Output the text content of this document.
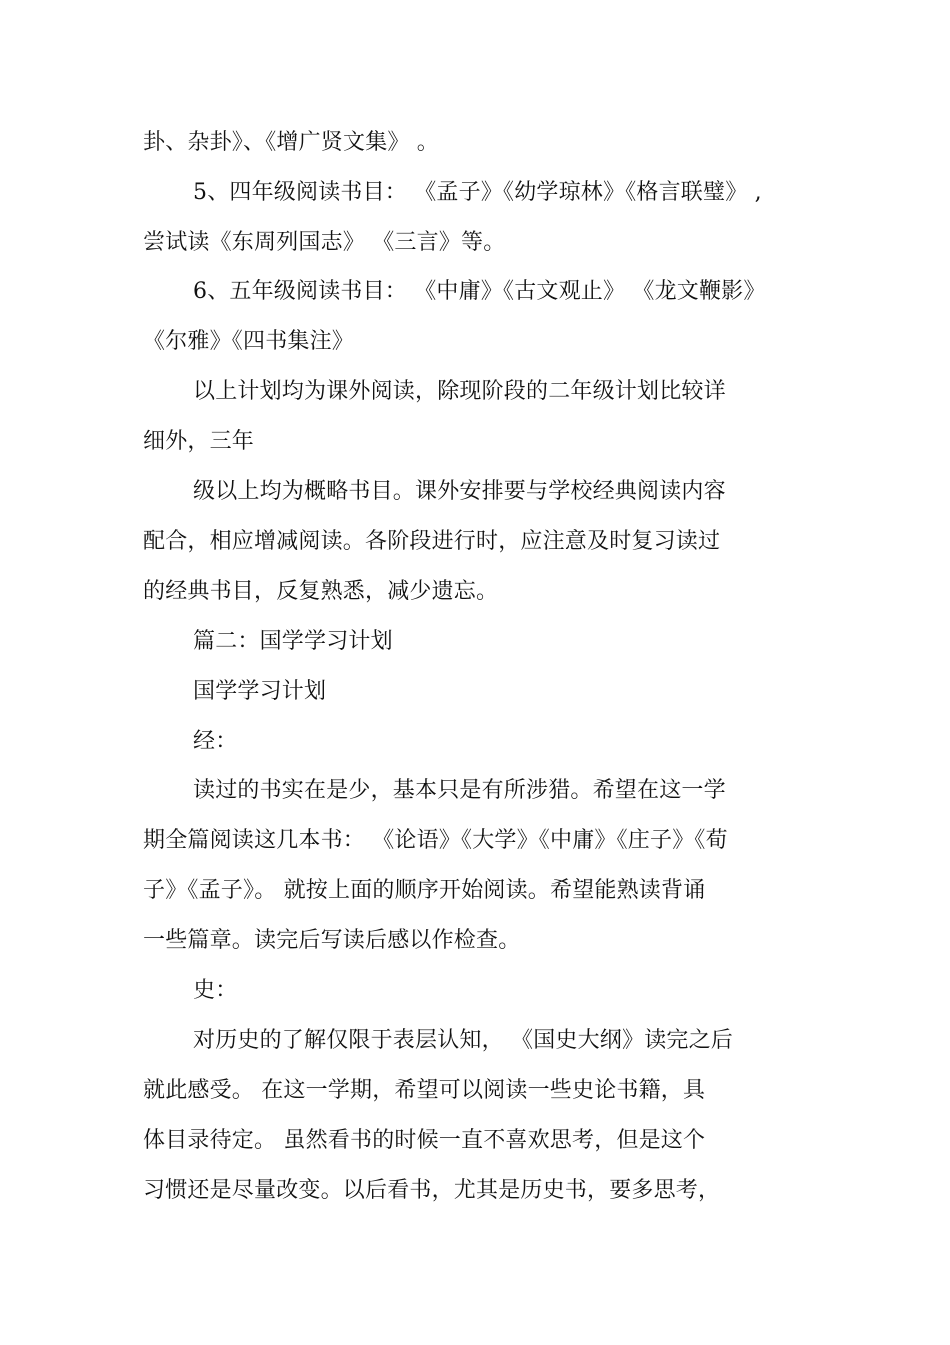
卦、杂卦》、《增广贤文集》 。
5、四年级阅读书目： 《孟子》《幼学琼林》《格言联璧》 ,
尝试读《东周列国志》 《三言》等。
6、五年级阅读书目： 《中庸》《古文观止》 《龙文鞭影》
《尔雅》《四书集注》
以上计划均为课外阅读，除现阶段的二年级计划比较详
细外，三年
级以上均为概略书目。课外安排要与学校经典阅读内容
配合，相应增减阅读。各阶段进行时，应注意及时复习读过
的经典书目，反复熟悉，减少遗忘。
篇二：国学学习计划
国学学习计划
经：
读过的书实在是少，基本只是有所涉猎。希望在这一学
期全篇阅读这几本书： 《论语》《大学》《中庸》《庄子》《荀
子》《孟子》。 就按上面的顺序开始阅读。希望能熟读背诵
一些篇章。读完后写读后感以作检查。
史：
对历史的了解仅限于表层认知， 《国史大纲》读完之后
就此感受。 在这一学期，希望可以阅读一些史论书籍，具
体目录待定。 虽然看书的时候一直不喜欢思考，但是这个
习惯还是尽量改变。以后看书，尤其是历史书，要多思考，
